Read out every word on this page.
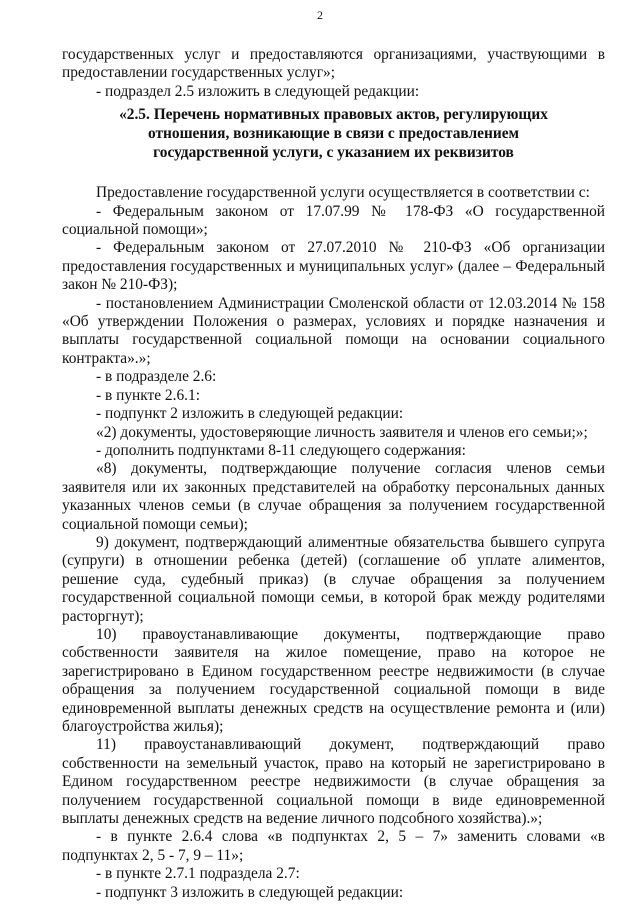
2

государственных услуг и предоставляются организациями, участвующими в предоставлении государственных услуг»;

- подраздел 2.5 изложить в следующей редакции:

«2.5. Перечень нормативных правовых актов, регулирующих

отношения, возникающие в связи с предоставлением

государственной услуги, с указанием их реквизитов

Предоставление государственной услуги осуществляется в соответствии с:

- Федеральным законом от 17.07.99 № 178-ФЗ «О государственной социальной помощи»;

- Федеральным законом от 27.07.2010 № 210-ФЗ «Об организации предоставления государственных и муниципальных услуг» (далее – Федеральный закон № 210-ФЗ);

- постановлением Администрации Смоленской области от 12.03.2014 № 158 «Об утверждении Положения о размерах, условиях и порядке назначения и выплаты государственной социальной помощи на основании социального контракта».»;

- в подразделе 2.6:

- в пункте 2.6.1:

- подпункт 2 изложить в следующей редакции:

«2) документы, удостоверяющие личность заявителя и членов его семьи;»;

- дополнить подпунктами 8-11 следующего содержания:

«8) документы, подтверждающие получение согласия членов семьи заявителя или их законных представителей на обработку персональных данных указанных членов семьи (в случае обращения за получением государственной социальной помощи семьи);

9) документ, подтверждающий алиментные обязательства бывшего супруга (супруги) в отношении ребенка (детей) (соглашение об уплате алиментов, решение суда, судебный приказ) (в случае обращения за получением государственной социальной помощи семьи, в которой брак между родителями расторгнут);

10) правоустанавливающие документы, подтверждающие право собственности заявителя на жилое помещение, право на которое не зарегистрировано в Едином государственном реестре недвижимости (в случае обращения за получением государственной социальной помощи в виде единовременной выплаты денежных средств на осуществление ремонта и (или) благоустройства жилья);

11) правоустанавливающий документ, подтверждающий право собственности на земельный участок, право на который не зарегистрировано в Едином государственном реестре недвижимости (в случае обращения за получением государственной социальной помощи в виде единовременной выплаты денежных средств на ведение личного подсобного хозяйства).»;

- в пункте 2.6.4 слова «в подпунктах 2, 5 – 7» заменить словами «в подпунктах 2, 5 - 7, 9 – 11»;

- в пункте 2.7.1 подраздела 2.7:

- подпункт 3 изложить в следующей редакции:
